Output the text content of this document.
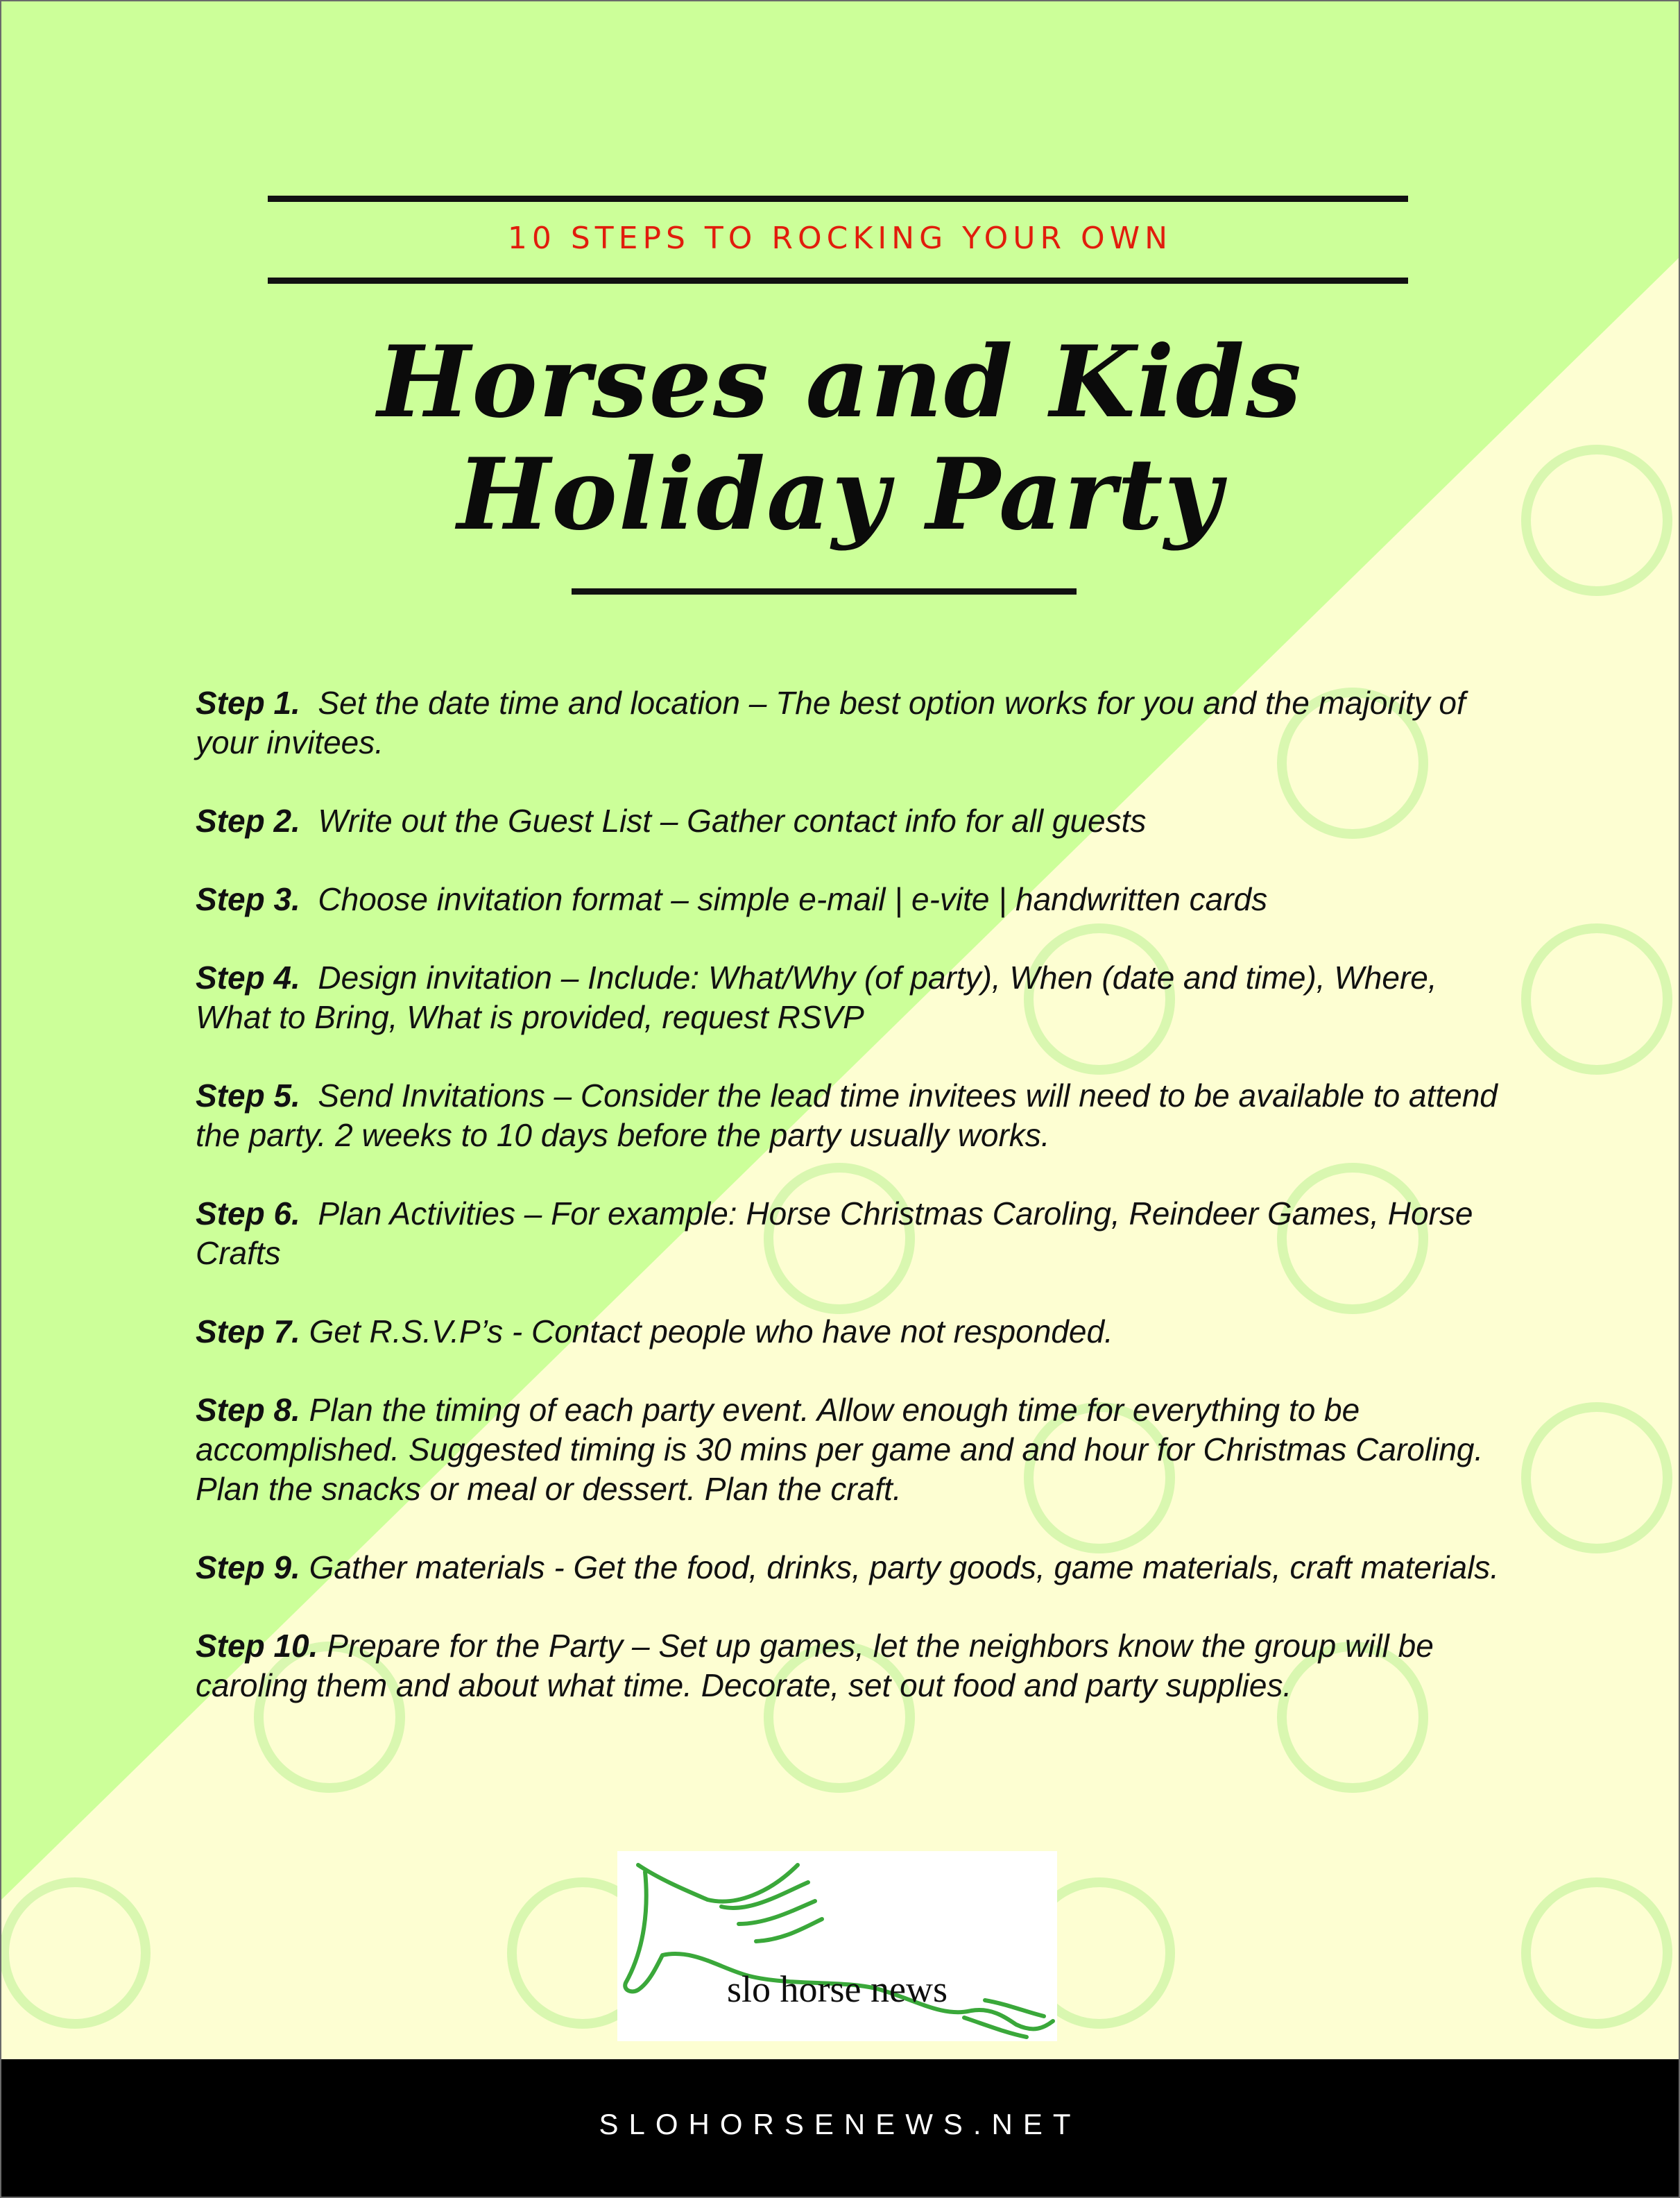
10 STEPS TO ROCKING YOUR OWN
Horses and Kids
Holiday Party
Step 1. Set the date time and location – The best option works for you and the majority of your invitees.
Step 2. Write out the Guest List – Gather contact info for all guests
Step 3. Choose invitation format – simple e-mail | e-vite | handwritten cards
Step 4. Design invitation – Include: What/Why (of party), When (date and time), Where, What to Bring, What is provided, request RSVP
Step 5. Send Invitations – Consider the lead time invitees will need to be available to attend the party. 2 weeks to 10 days before the party usually works.
Step 6. Plan Activities – For example: Horse Christmas Caroling, Reindeer Games, Horse Crafts
Step 7. Get R.S.V.P’s - Contact people who have not responded.
Step 8. Plan the timing of each party event. Allow enough time for everything to be accomplished. Suggested timing is 30 mins per game and and hour for Christmas Caroling. Plan the snacks or meal or dessert. Plan the craft.
Step 9. Gather materials - Get the food, drinks, party goods, game materials, craft materials.
Step 10. Prepare for the Party – Set up games, let the neighbors know the group will be caroling them and about what time. Decorate, set out food and party supplies.
slo horse news
SLOHORSENEWS.NET
